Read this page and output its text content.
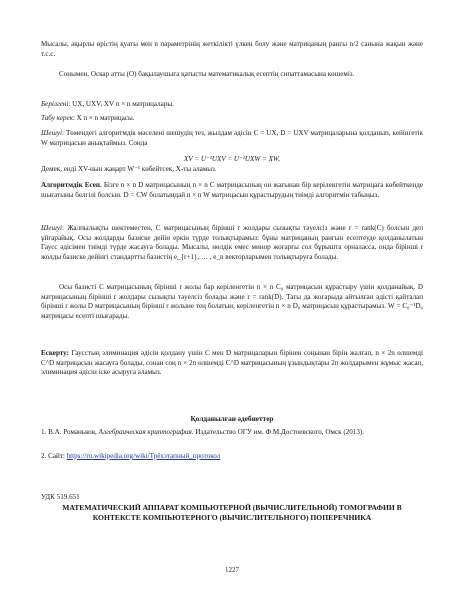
Мысалы, ақырлы өрістің қуаты мен n параметрінің жеткілікті үлкен болу және матрицаның рангы n/2 санына жақын және т.с.с.

Сонымен, Оскар атты (O) бақылаушыға қатысты математикалық есептің сипаттамасына көшеміз.

Берілгені: UX, UXV, XV n × n матрицалары.

Табу керек: X n × n матрицасы.

Шешуі: Төмендегі алгоритмдік мәселені шешудің тез, жылдам әдісін C = UX, D = UXV матрицаларына қолданып, кейінгетік W матрицасын анықтаймыз. Сонда

XV = U⁻¹UXV = U⁻¹UXW = XW,

Демек, енді XV-нын жаңарт W⁻¹ көбейтсек, X-ты аламыз.

Алгоритмдік Есеп. Бізге n × n D матрицасының n × n C матрицасының он жағынан бір керіленгетін матрицаға көбейткенде шығатыны белгілі болсын. D = CW болатындай n × n W матрицасын құрастырудың тиімді алгоритмін табыңыз.

Шешуі: Жалпылықты шектеместен, C матрицасының бірінші r жолдары сызықты тәуелсіз және r = rank(C) болсын деп ұйғарайық. Осы жолдарды базиске дейін еркін түрде толықтырамыз: бұны матрицаның рангын есептеуде қолданылатын Гаусс әдісімен тиімді түрде жасауға болады. Мысалы, нөлдік емес минор жоғарғы сол бұрышта орналасса, онда бірінші r жолды базиске дейінгі стандартты базистің e_{r+1}, … , e_n векторларымен толықтыруға болады.

Осы базисті C матрицасының бірінші r жолы бар керіленгетін n × n C₀ матрицасын құрастыру үшін қолданайық. D матрицасының бірінші r жолдары сызықты тәуелсіз болады және r = rank(D). Тағы да жоғарыда айтылған әдісті қайталап бірінші r жолы D матрицасының бірінші r жолыне тең болатын, керіленгетін n × n D₀ матрицасын құрастырамыз. W = C₀⁻¹D₀ матрицасы есепті шығарады.

Ескерту: Гаусстың элиминация әдісін қолдану үшін C мен D матрицаларын бірінен соңынан бірін жалғап, n × 2n өлшемді C^D матрицасын жасауға болады, сонан соң n × 2n өлшемді C^D матрицасының ұзындықтары 2n жолдарымен жұмыс жасап, элиминация әдісін іске асыруға аламыз.

Қолданылған әдебиеттер

1. В.А. Романьков, Алгебраическая криптография. Издательство ОГУ им. Ф.М.Достоевского, Омск (2013).

2. Сайт: https://ru.wikipedia.org/wiki/Трёхэтапный_протокол

УДК 519.651
МАТЕМАТИЧЕСКИЙ АППАРАТ КОМПЬЮТЕРНОЙ (ВЫЧИСЛИТЕЛЬНОЙ) ТОМОГРАФИИ В КОНТЕКСТЕ КОМПЬЮТЕРНОГО (ВЫЧИСЛИТЕЛЬНОГО) ПОПЕРЕЧНИКА
1227
